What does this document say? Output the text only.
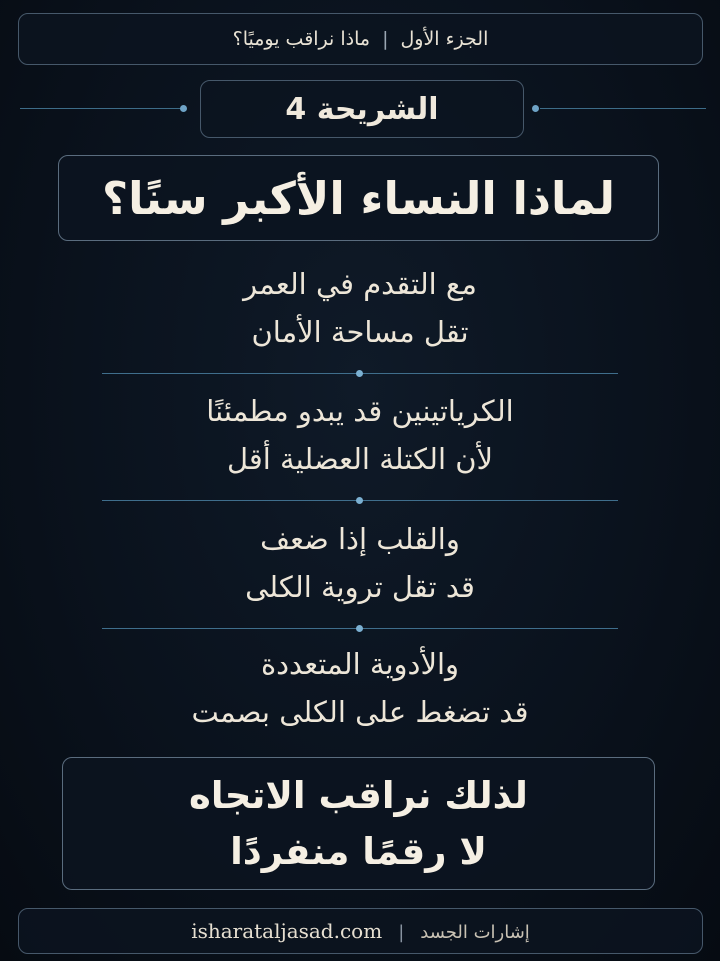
الجزء الأول|ماذا نراقب يوميًا؟
الشريحة 4
لماذا النساء الأكبر سنًا؟
مع التقدم في العمر
تقل مساحة الأمان
الكرياتينين قد يبدو مطمئنًا
لأن الكتلة العضلية أقل
والقلب إذا ضعف
قد تقل تروية الكلى
والأدوية المتعددة
قد تضغط على الكلى بصمت
لذلك نراقب الاتجاه
لا رقمًا منفردًا
إشارات الجسد|isharataljasad.com
